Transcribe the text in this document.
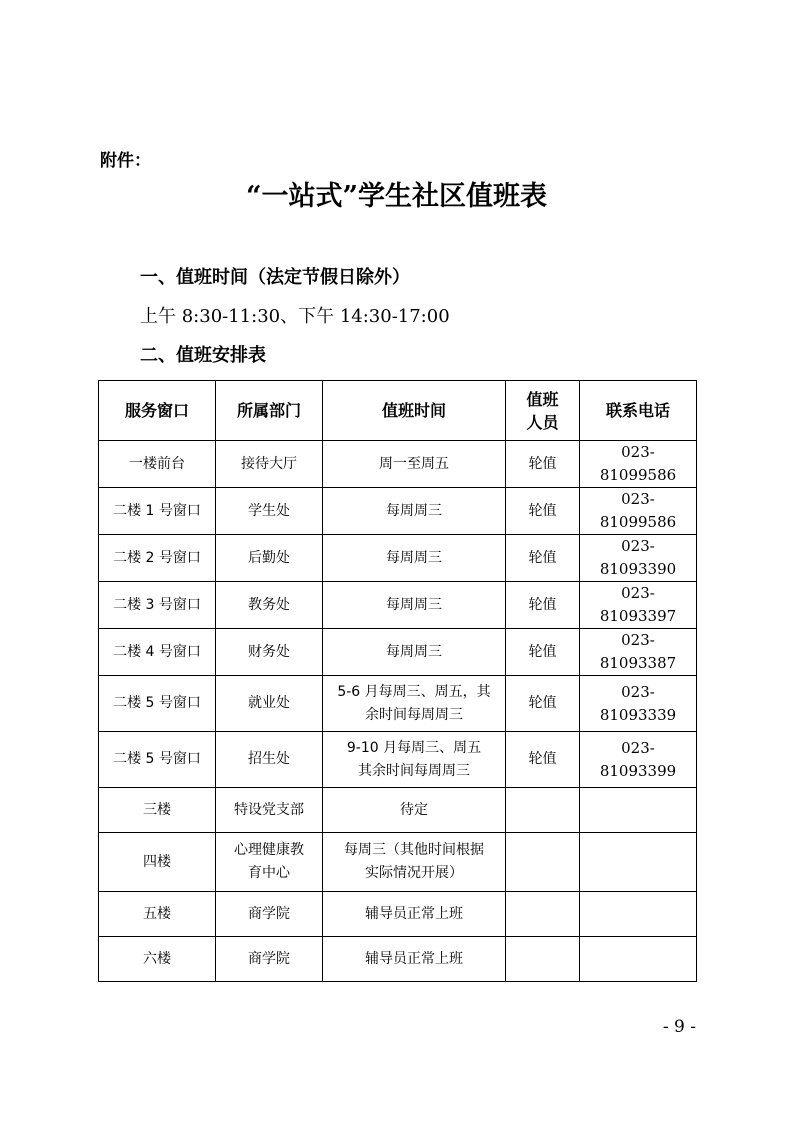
附件：
“一站式”学生社区值班表
一、值班时间（法定节假日除外）
上午 8:30-11:30、下午 14:30-17:00
二、值班安排表
服务窗口	所属部门	值班时间	值班
人员	联系电话
一楼前台	接待大厅	周一至周五	轮值	023-81099586
二楼 1 号窗口	学生处	每周周三	轮值	023-81099586
二楼 2 号窗口	后勤处	每周周三	轮值	023-81093390
二楼 3 号窗口	教务处	每周周三	轮值	023-81093397
二楼 4 号窗口	财务处	每周周三	轮值	023-81093387
二楼 5 号窗口	就业处	5-6 月每周三、周五，其
余时间每周周三	轮值	023-81093339
二楼 5 号窗口	招生处	9-10 月每周三、周五
其余时间每周周三	轮值	023-81093399
三楼	特设党支部	待定		
四楼	心理健康教
育中心	每周三（其他时间根据
实际情况开展）		
五楼	商学院	辅导员正常上班		
六楼	商学院	辅导员正常上班		
- 9 -
